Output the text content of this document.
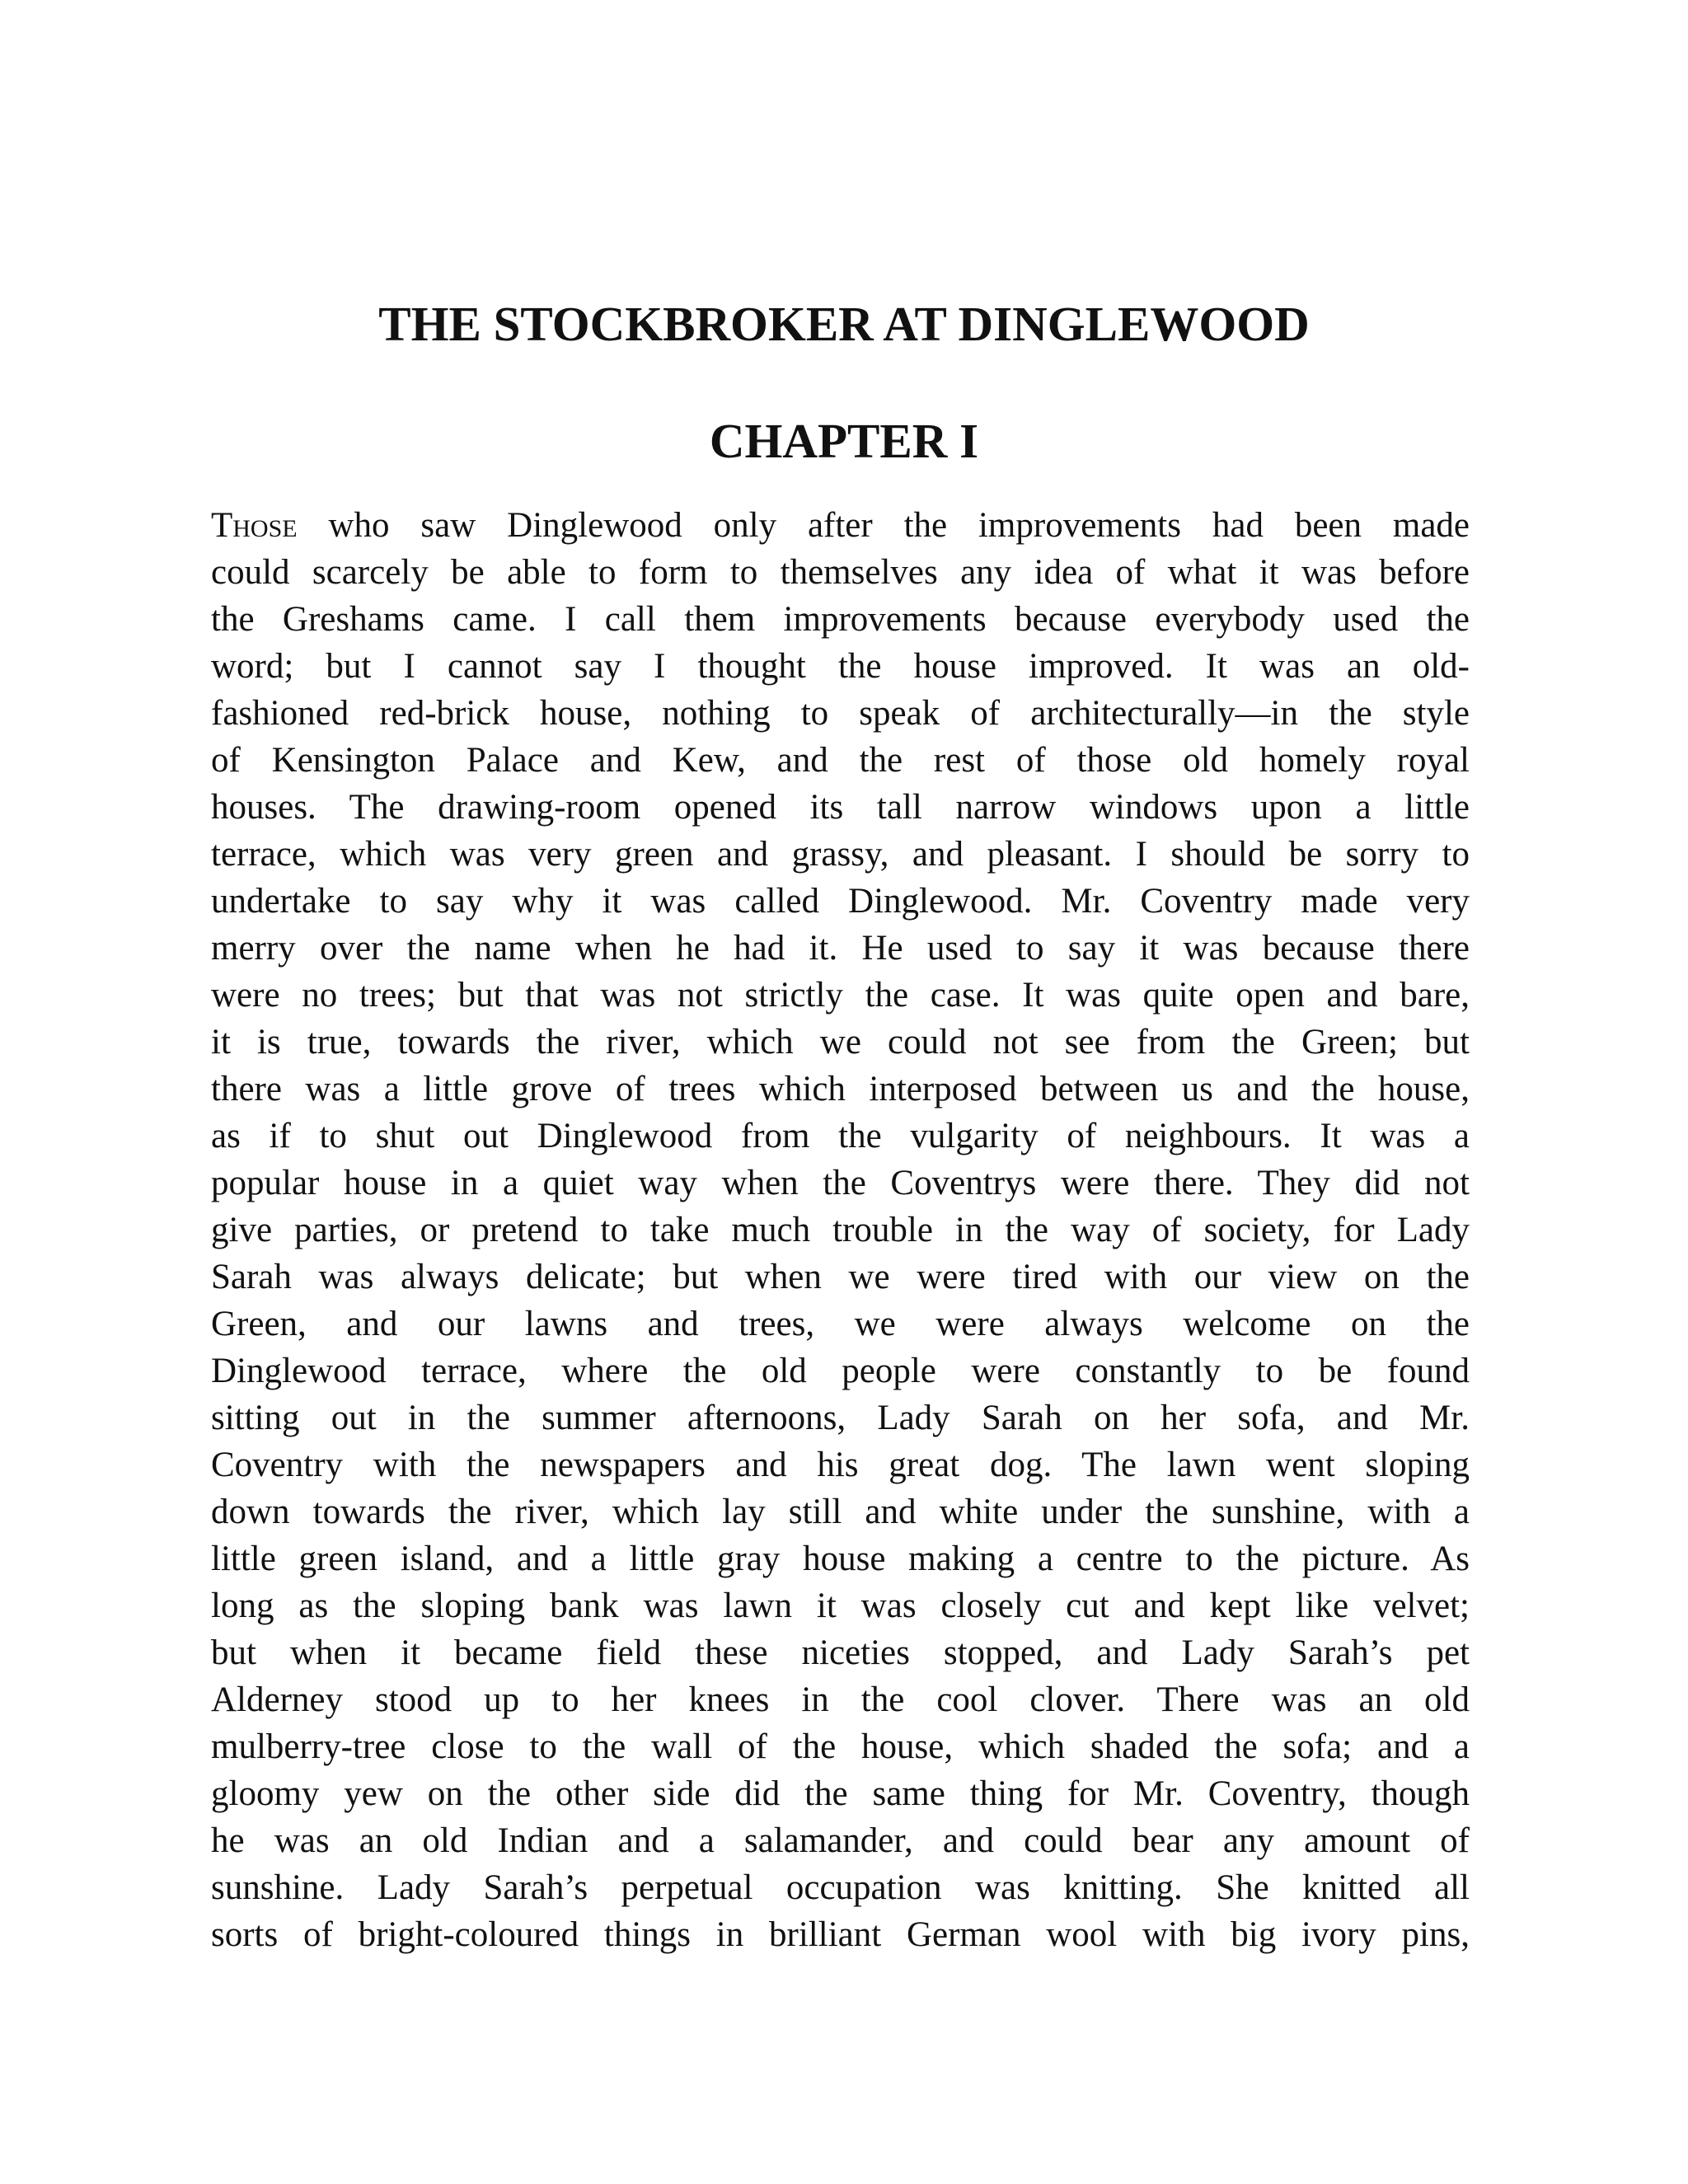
THE STOCKBROKER AT DINGLEWOOD
CHAPTER I
Those who saw Dinglewood only after the improvements had been made
could scarcely be able to form to themselves any idea of what it was before
the Greshams came. I call them improvements because everybody used the
word; but I cannot say I thought the house improved. It was an old-
fashioned red-brick house, nothing to speak of architecturally—in the style
of Kensington Palace and Kew, and the rest of those old homely royal
houses. The drawing-room opened its tall narrow windows upon a little
terrace, which was very green and grassy, and pleasant. I should be sorry to
undertake to say why it was called Dinglewood. Mr. Coventry made very
merry over the name when he had it. He used to say it was because there
were no trees; but that was not strictly the case. It was quite open and bare,
it is true, towards the river, which we could not see from the Green; but
there was a little grove of trees which interposed between us and the house,
as if to shut out Dinglewood from the vulgarity of neighbours. It was a
popular house in a quiet way when the Coventrys were there. They did not
give parties, or pretend to take much trouble in the way of society, for Lady
Sarah was always delicate; but when we were tired with our view on the
Green, and our lawns and trees, we were always welcome on the
Dinglewood terrace, where the old people were constantly to be found
sitting out in the summer afternoons, Lady Sarah on her sofa, and Mr.
Coventry with the newspapers and his great dog. The lawn went sloping
down towards the river, which lay still and white under the sunshine, with a
little green island, and a little gray house making a centre to the picture. As
long as the sloping bank was lawn it was closely cut and kept like velvet;
but when it became field these niceties stopped, and Lady Sarah’s pet
Alderney stood up to her knees in the cool clover. There was an old
mulberry-tree close to the wall of the house, which shaded the sofa; and a
gloomy yew on the other side did the same thing for Mr. Coventry, though
he was an old Indian and a salamander, and could bear any amount of
sunshine. Lady Sarah’s perpetual occupation was knitting. She knitted all
sorts of bright-coloured things in brilliant German wool with big ivory pins,
